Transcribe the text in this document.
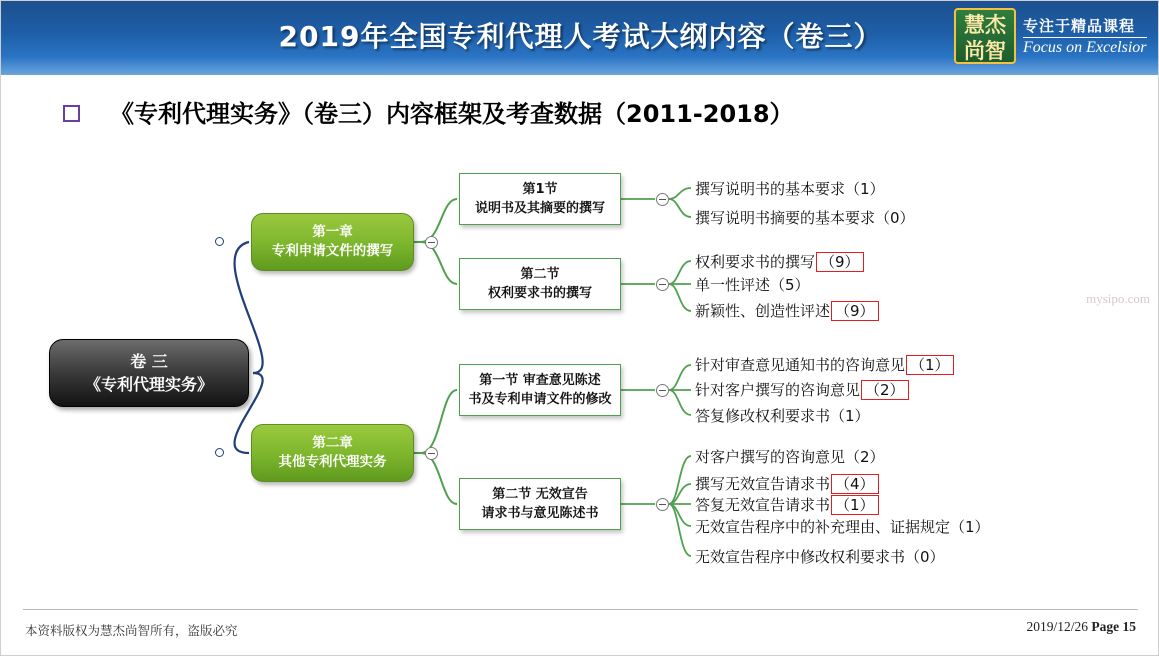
2019年全国专利代理人考试大纲内容（卷三）	慧杰
尚智
专注于精品课程
Focus on Excelsior
《专利代理实务》（卷三）内容框架及考查数据（2011-2018）
卷 三
《专利代理实务》
第一章
专利申请文件的撰写
第二章
其他专利代理实务
第1节
说明书及其摘要的撰写
第二节
权利要求书的撰写
第一节 审查意见陈述
书及专利申请文件的修改
第二节 无效宣告
请求书与意见陈述书
撰写说明书的基本要求（1）
撰写说明书摘要的基本要求（0）
权利要求书的撰写 （9）
单一性评述（5）
新颖性、创造性评述 （9）
针对审查意见通知书的咨询意见 （1）
针对客户撰写的咨询意见 （2）
答复修改权利要求书（1）
对客户撰写的咨询意见（2）
撰写无效宣告请求书 （4）
答复无效宣告请求书 （1）
无效宣告程序中的补充理由、证据规定（1）
无效宣告程序中修改权利要求书（0）
mysipo.com
本资料版权为慧杰尚智所有，盗版必究	2019/12/26 Page 15
